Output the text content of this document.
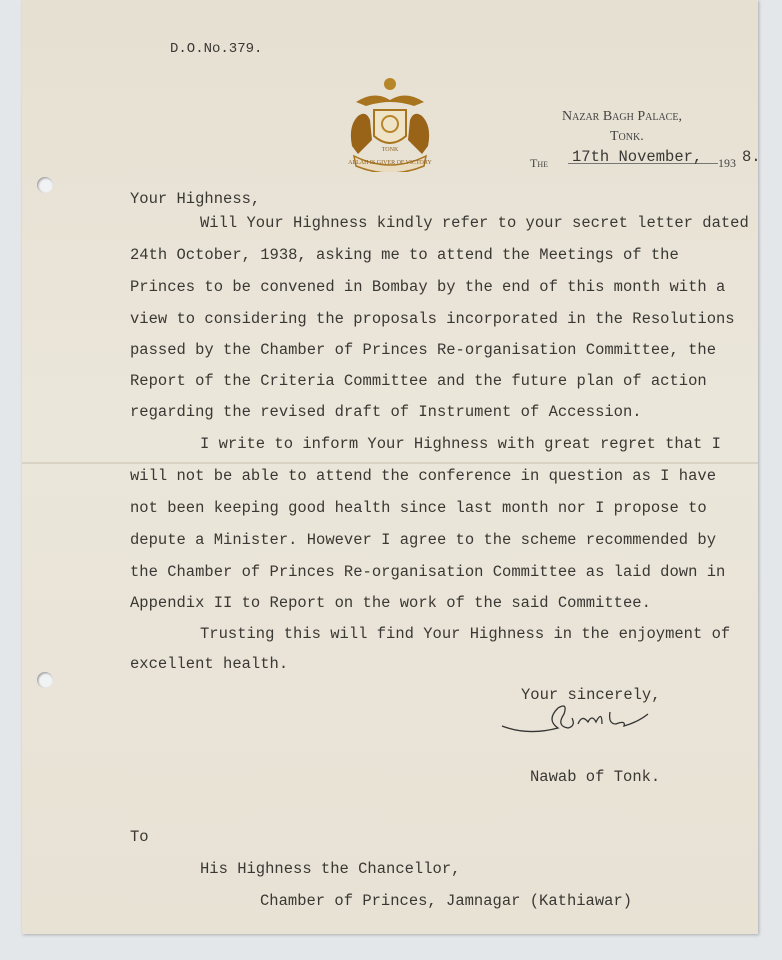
D.O.No.379.
TONK
ALLAH IS GIVER OF VICTORY
Nazar Bagh Palace,
Tonk.
The 17th November, 193 8.
Your Highness,
Will Your Highness kindly refer to your secret letter dated
24th October, 1938, asking me to attend the Meetings of the
Princes to be convened in Bombay by the end of this month with a
view to considering the proposals incorporated in the Resolutions
passed by the Chamber of Princes Re-organisation Committee, the
Report of the Criteria Committee and the future plan of action
regarding the revised draft of Instrument of Accession.
I write to inform Your Highness with great regret that I
will not be able to attend the conference in question as I have
not been keeping good health since last month nor I propose to
depute a Minister. However I agree to the scheme recommended by
the Chamber of Princes Re-organisation Committee as laid down in
Appendix II to Report on the work of the said Committee.
Trusting this will find Your Highness in the enjoyment of
excellent health.
Your sincerely,
Nawab of Tonk.
To
His Highness the Chancellor,
Chamber of Princes, Jamnagar (Kathiawar)
